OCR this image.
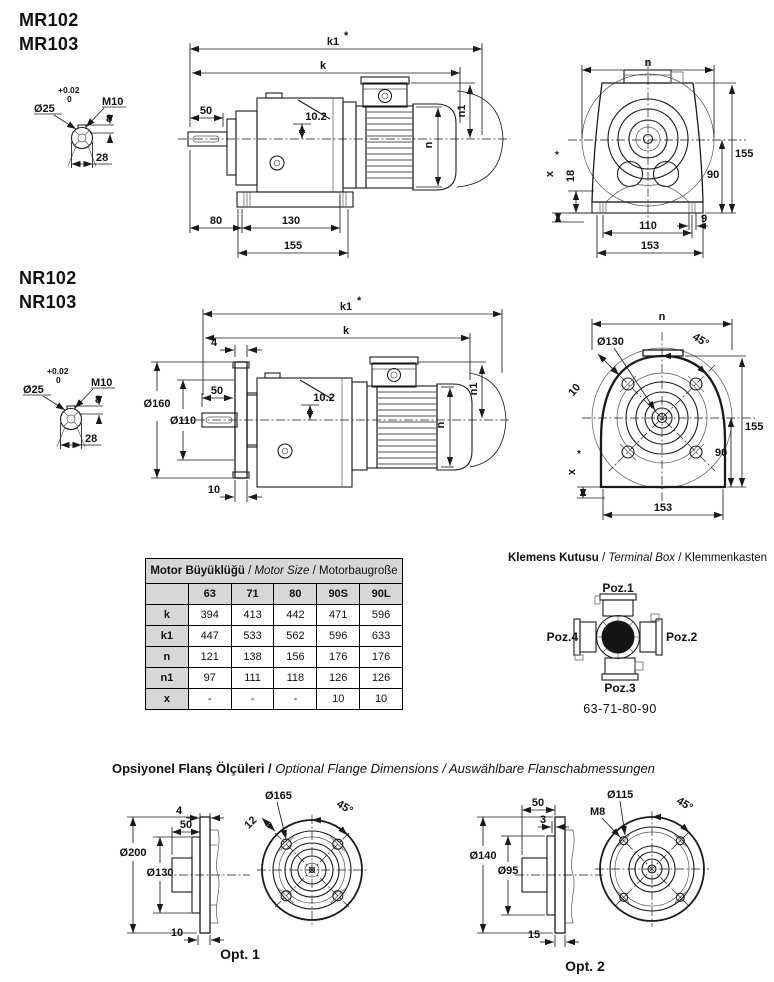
MR102
MR103
+0.02
0
Ø25
M10
8
28
k1 *
k
50	10.2
n
n1
80	130
155
n
18
x
*	155
90
9
110
153
NR102
NR103
+0.02
0
Ø25
M10
8
28
k1 *
k
4
Ø160
Ø110
50
10
10.2
n
n1
n
Ø130	45°
10
x
*
155
90
153
Motor Büyüklüğü / Motor Size / Motorbaugroße					
	63	71	80	90S	90L
k	394	413	442	471	596
k1	447	533	562	596	633
n	121	138	156	176	176
n1	97	111	118	126	126
x	-	-	-	10	10
Klemens Kutusu / Terminal Box / Klemmenkasten
Poz.1
Poz.2
Poz.3
Poz.4
63-71-80-90
Opsiyonel Flanş Ölçüleri / Optional Flange Dimensions / Auswählbare Flanschabmessungen
4
50
Ø200
Ø130
10
Ø165
12
45°	50
3
Ø140
Ø95
15
Ø115
M8	45°
Opt. 1
Opt. 2
